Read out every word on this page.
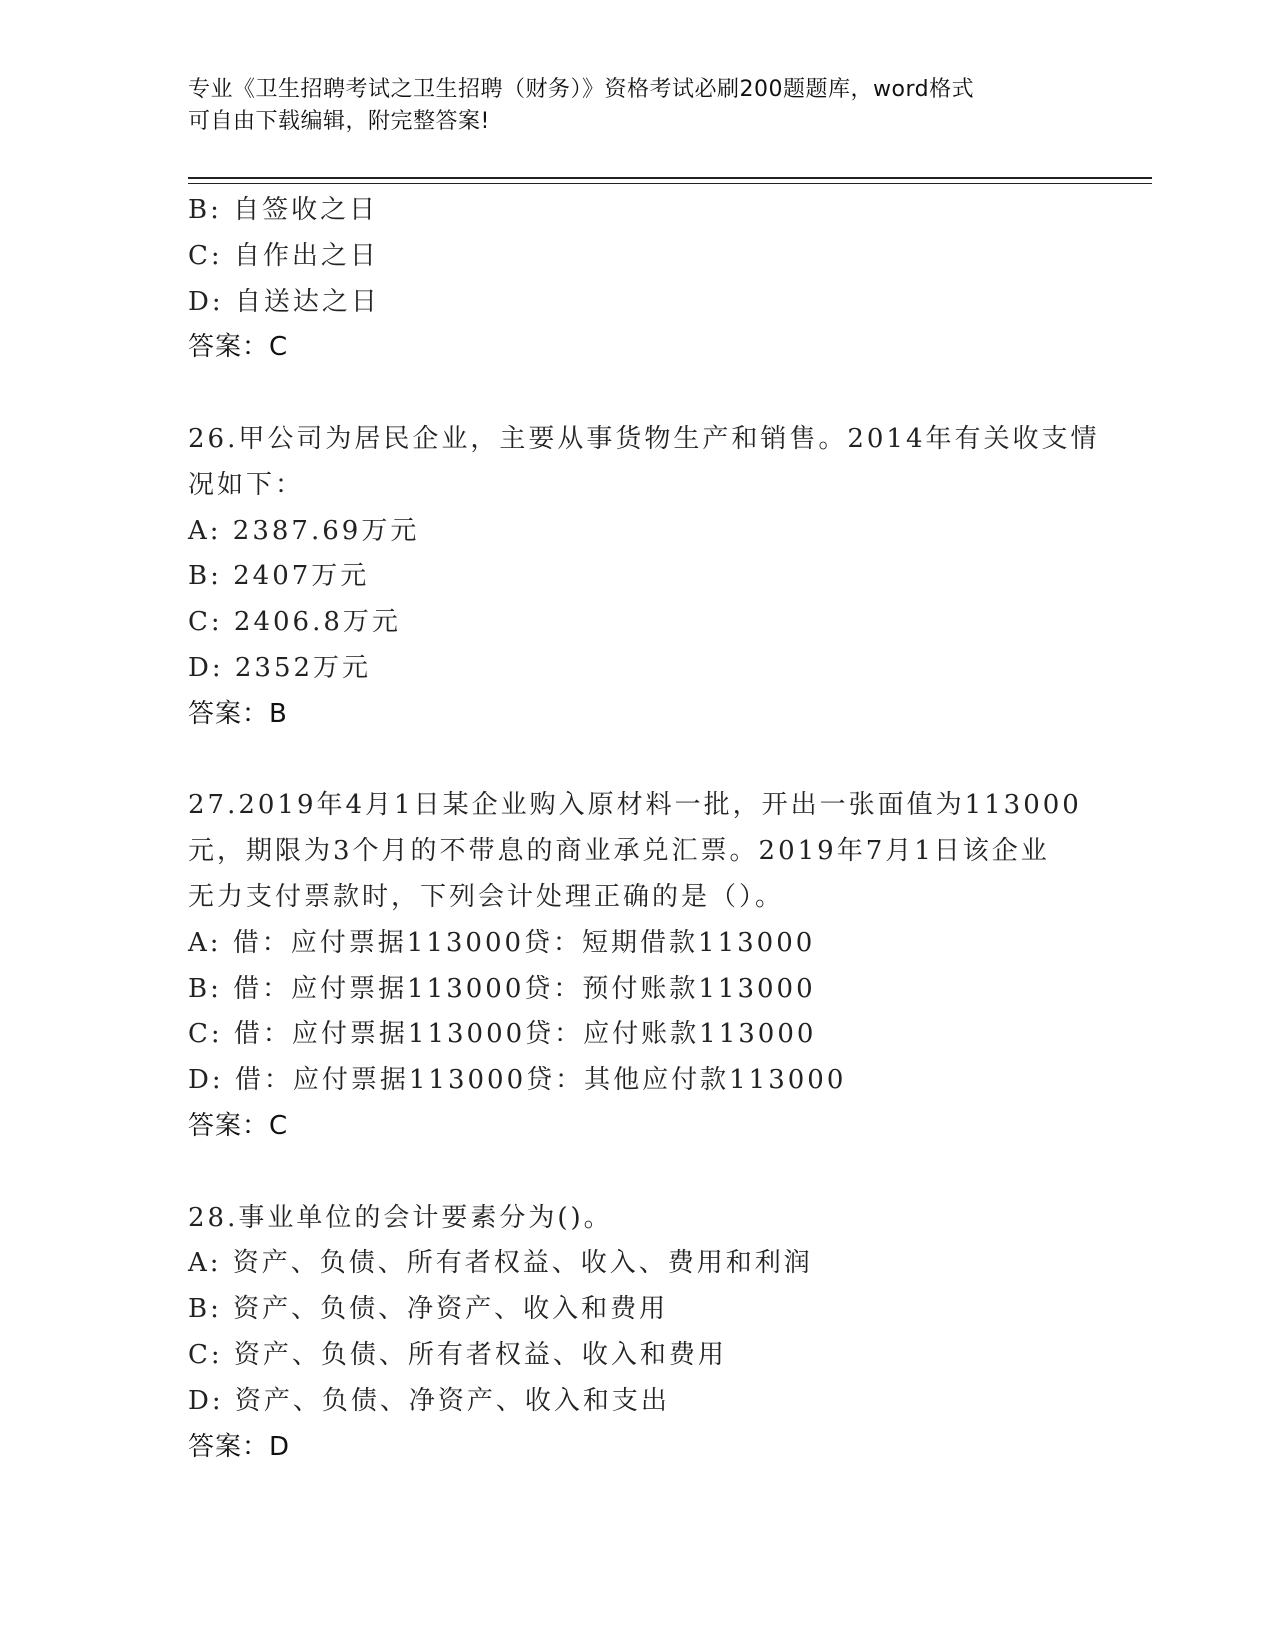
专业《卫生招聘考试之卫生招聘（财务）》资格考试必刷200题题库，word格式
可自由下载编辑，附完整答案!
B: 自签收之日
C: 自作出之日
D: 自送达之日
答案：C
26.甲公司为居民企业，主要从事货物生产和销售。2014年有关收支情
况如下：
A: 2387.69万元
B: 2407万元
C: 2406.8万元
D: 2352万元
答案：B
27.2019年4月1日某企业购入原材料一批，开出一张面值为113000
元，期限为3个月的不带息的商业承兑汇票。2019年7月1日该企业
无力支付票款时，下列会计处理正确的是（）。
A: 借：应付票据113000贷：短期借款113000
B: 借：应付票据113000贷：预付账款113000
C: 借：应付票据113000贷：应付账款113000
D: 借：应付票据113000贷：其他应付款113000
答案：C
28.事业单位的会计要素分为()。
A: 资产、负债、所有者权益、收入、费用和利润
B: 资产、负债、净资产、收入和费用
C: 资产、负债、所有者权益、收入和费用
D: 资产、负债、净资产、收入和支出
答案：D
